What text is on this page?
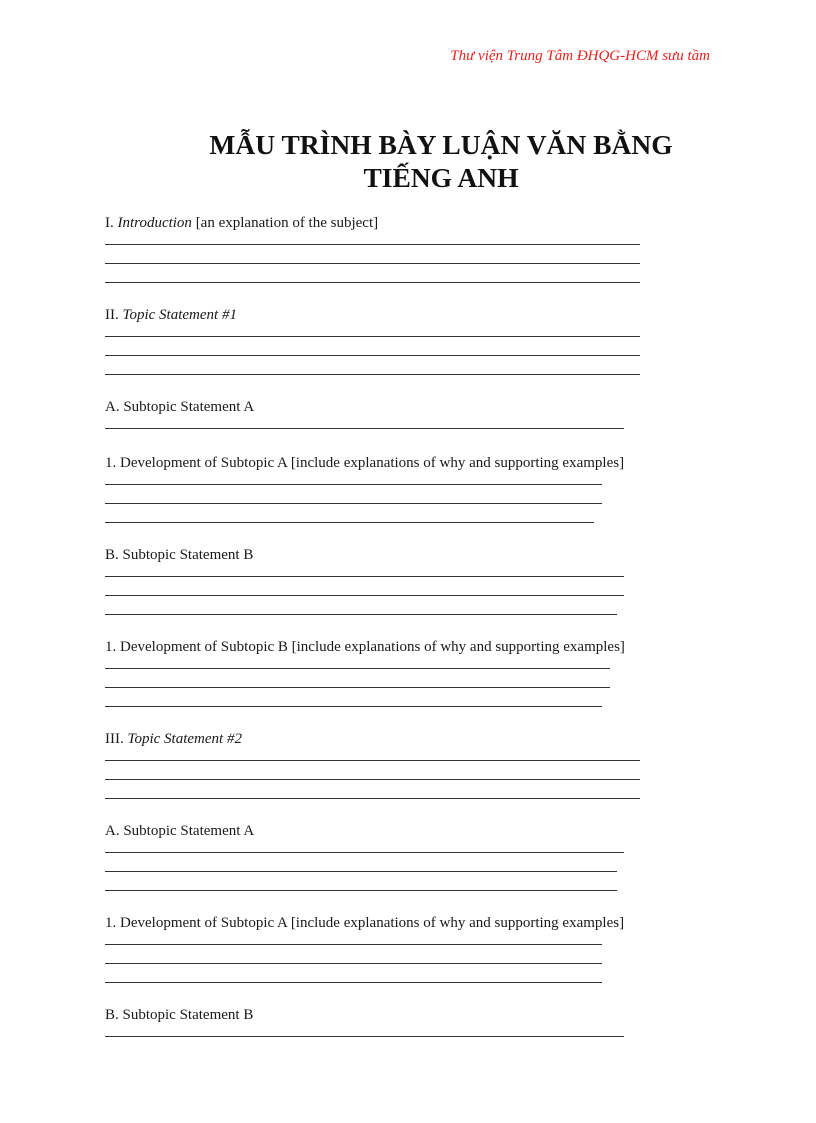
Thư viện Trung Tâm ĐHQG-HCM sưu tầm
MẪU TRÌNH BÀY LUẬN VĂN BẰNG
TIẾNG ANH
I. Introduction [an explanation of the subject]
II. Topic Statement #1
A. Subtopic Statement A
1. Development of Subtopic A [include explanations of why and supporting examples]
B. Subtopic Statement B
1. Development of Subtopic B [include explanations of why and supporting examples]
III. Topic Statement #2
A. Subtopic Statement A
1. Development of Subtopic A [include explanations of why and supporting examples]
B. Subtopic Statement B
